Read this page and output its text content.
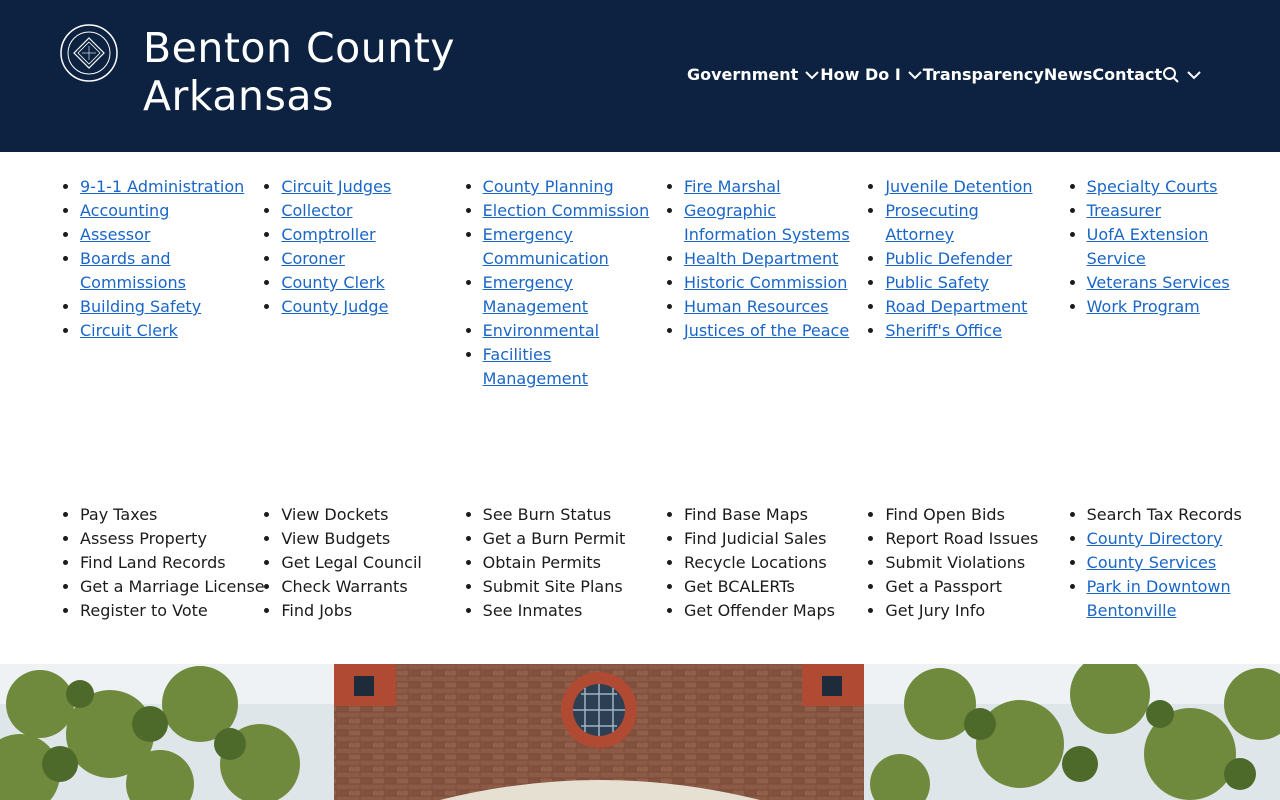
Benton County
Arkansas	Government How Do I Transparency News Contact
• 9-1-1 Administration
• Accounting
• Assessor
• Boards and Commissions
• Building Safety
• Circuit Clerk
• Circuit Judges
• Collector
• Comptroller
• Coroner
• County Clerk
• County Judge
• County Planning
• Election Commission
• Emergency Communication
• Emergency Management
• Environmental
• Facilities Management
• Fire Marshal
• Geographic Information Systems
• Health Department
• Historic Commission
• Human Resources
• Justices of the Peace
• Juvenile Detention
• Prosecuting Attorney
• Public Defender
• Public Safety
• Road Department
• Sheriff's Office
• Specialty Courts
• Treasurer
• UofA Extension Service
• Veterans Services
• Work Program
• Pay Taxes
• Assess Property
• Find Land Records
• Get a Marriage License
• Register to Vote
• View Dockets
• View Budgets
• Get Legal Council
• Check Warrants
• Find Jobs
• See Burn Status
• Get a Burn Permit
• Obtain Permits
• Submit Site Plans
• See Inmates
• Find Base Maps
• Find Judicial Sales
• Recycle Locations
• Get BCALERTs
• Get Offender Maps
• Find Open Bids
• Report Road Issues
• Submit Violations
• Get a Passport
• Get Jury Info
• Search Tax Records
• County Directory
• County Services
• Park in Downtown Bentonville
